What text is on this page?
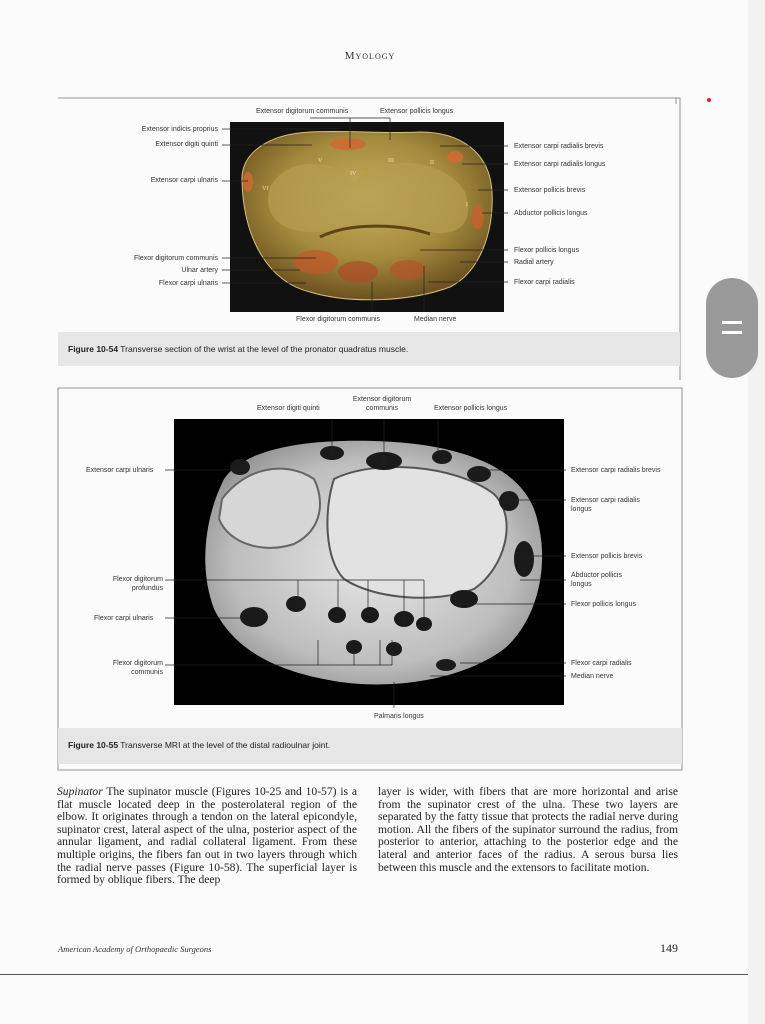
Myology
VI
V
IV
III	II
I
Extensor digitorum communis	Extensor pollicis longus
Extensor indicis proprius
Extensor digiti quinti
Extensor carpi ulnaris
Flexor digitorum communis
Ulnar artery
Flexor carpi ulnaris
Extensor carpi radialis brevis
Extensor carpi radialis longus
Extensor pollicis brevis
Abductor pollicis longus
Flexor pollicis longus
Radial artery
Flexor carpi radialis
Flexor digitorum communis	Median nerve
Figure 10-54 Transverse section of the wrist at the level of the pronator quadratus muscle.
Extensor digiti quinti
Extensor digitorum communis	Extensor pollicis longus
Extensor carpi ulnaris
Flexor digitorum profundus
Flexor carpi ulnaris
Flexor digitorum communis
Extensor carpi radialis brevis
Extensor carpi radialis longus
Extensor pollicis brevis
Abductor pollicis longus
Flexor pollicis longus
Flexor carpi radialis
Median nerve
Palmaris longus
Figure 10-55 Transverse MRI at the level of the distal radioulnar joint.
Supinator The supinator muscle (Figures 10-25 and 10-57) is a flat muscle located deep in the posterolateral region of the elbow. It originates through a tendon on the lateral epicondyle, supinator crest, lateral aspect of the ulna, posterior aspect of the annular ligament, and radial collateral ligament. From these multiple origins, the fibers fan out in two layers through which the radial nerve passes (Figure 10-58). The superficial layer is formed by oblique fibers. The deep
layer is wider, with fibers that are more horizontal and arise from the supinator crest of the ulna. These two layers are separated by the fatty tissue that protects the radial nerve during motion. All the fibers of the supinator surround the radius, from posterior to anterior, attaching to the posterior edge and the lateral and anterior faces of the radius. A serous bursa lies between this muscle and the extensors to facilitate motion.
American Academy of Orthopaedic Surgeons	149
